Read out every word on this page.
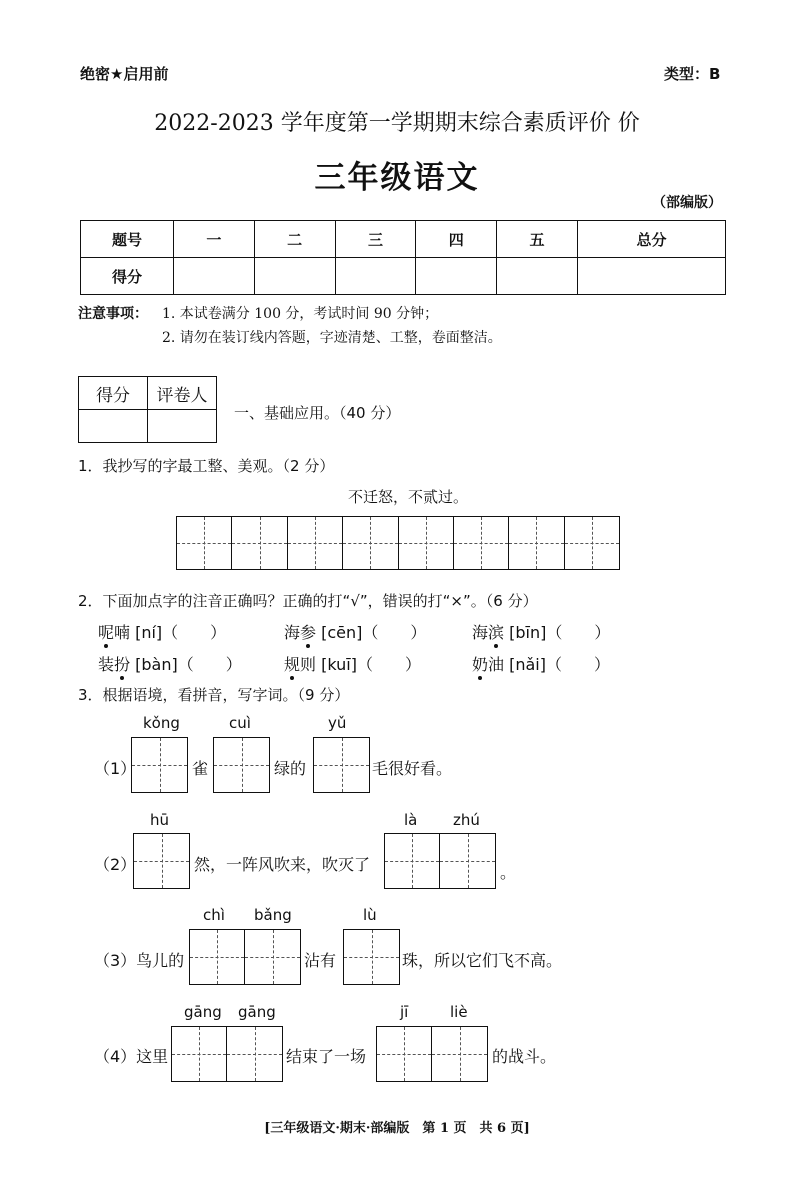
绝密★启用前	类型：B
2022-2023 学年度第一学期期末综合素质评价 价
三年级语文
（部编版）
题号	一	二	三	四	五	总分
得分						
注意事项： 1. 本试卷满分 100 分，考试时间 90 分钟；
2. 请勿在装订线内答题，字迹清楚、工整，卷面整洁。
得分	评卷人

一、基础应用。（40 分）
1．我抄写的字最工整、美观。（2 分）
不迁怒，不贰过。
2．下面加点字的注音正确吗？正确的打“√”，错误的打“×”。（6 分）
呢喃 [ní]（　　）	海参 [cēn]（　　）	海滨 [bīn]（　　）
装扮 [bàn]（　　）	规则 [kuī]（　　）	奶油 [nǎi]（　　）
3．根据语境，看拼音，写字词。（9 分）
kǒng	cuì	yǔ
（1）	雀	绿的	毛很好看。
hū	là zhú
（2）	然，一阵风吹来，吹灭了	。
chì bǎng	lù
（3）鸟儿的	沾有	珠，所以它们飞不高。
gāng gāng	jī	liè
（4）这里	结束了一场	的战斗。
[三年级语文·期末·部编版　第 1 页　共 6 页]
